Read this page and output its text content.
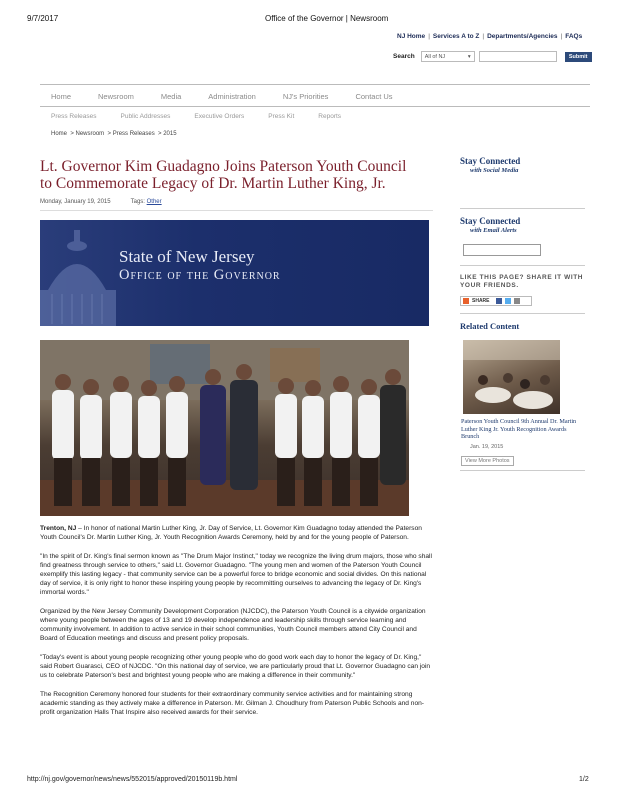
9/7/2017	Office of the Governor | Newsroom
NJ Home | Services A to Z | Departments/Agencies | FAQs
Search All of NJ	▾	Submit
Home	Newsroom	Media	Administration	NJ's Priorities	Contact Us
Press Releases	Public Addresses	Executive Orders	Press Kit	Reports
Home  > Newsroom  > Press Releases  > 2015
Lt. Governor Kim Guadagno Joins Paterson Youth Council to Commemorate Legacy of Dr. Martin Luther King, Jr.
Monday, January 19, 2015	Tags: Other
State of New Jersey
Office of the Governor

Trenton, NJ – In honor of national Martin Luther King, Jr. Day of Service, Lt. Governor Kim Guadagno today attended the Paterson Youth Council's Dr. Martin Luther King, Jr. Youth Recognition Awards Ceremony, held by and for the young people of Paterson.

"In the spirit of Dr. King's final sermon known as "The Drum Major Instinct," today we recognize the living drum majors, those who shall find greatness through service to others," said Lt. Governor Guadagno. "The young men and women of the Paterson Youth Council exemplify this lasting legacy - that community service can be a powerful force to bridge economic and social divides. On this national day of service, it is only right to honor these inspiring young people by recommitting ourselves to advancing the legacy of Dr. King's immortal words."

Organized by the New Jersey Community Development Corporation (NJCDC), the Paterson Youth Council is a citywide organization where young people between the ages of 13 and 19 develop independence and leadership skills through service learning and community involvement. In addition to active service in their school communities, Youth Council members attend City Council and Board of Education meetings and discuss and present policy proposals.

"Today's event is about young people recognizing other young people who do good work each day to honor the legacy of Dr. King," said Robert Guarasci, CEO of NJCDC. "On this national day of service, we are particularly proud that Lt. Governor Guadagno can join us to celebrate Paterson's best and brightest young people who are making a difference in their community."

The Recognition Ceremony honored four students for their extraordinary community service activities and for maintaining strong academic standing as they actively make a difference in Paterson. Mr. Gilman J. Choudhury from Paterson Public Schools and non-profit organization Halls That Inspire also received awards for their service.

Stay Connected
with Social Media
Stay Connected
with Email Alerts
LIKE THIS PAGE? SHARE IT WITH YOUR FRIENDS.
SHARE
Related Content
Paterson Youth Council 9th Annual Dr. Martin Luther King Jr. Youth Recognition Awards Brunch
Jan. 19, 2015
View More Photos
http://nj.gov/governor/news/news/552015/approved/20150119b.html	1/2
